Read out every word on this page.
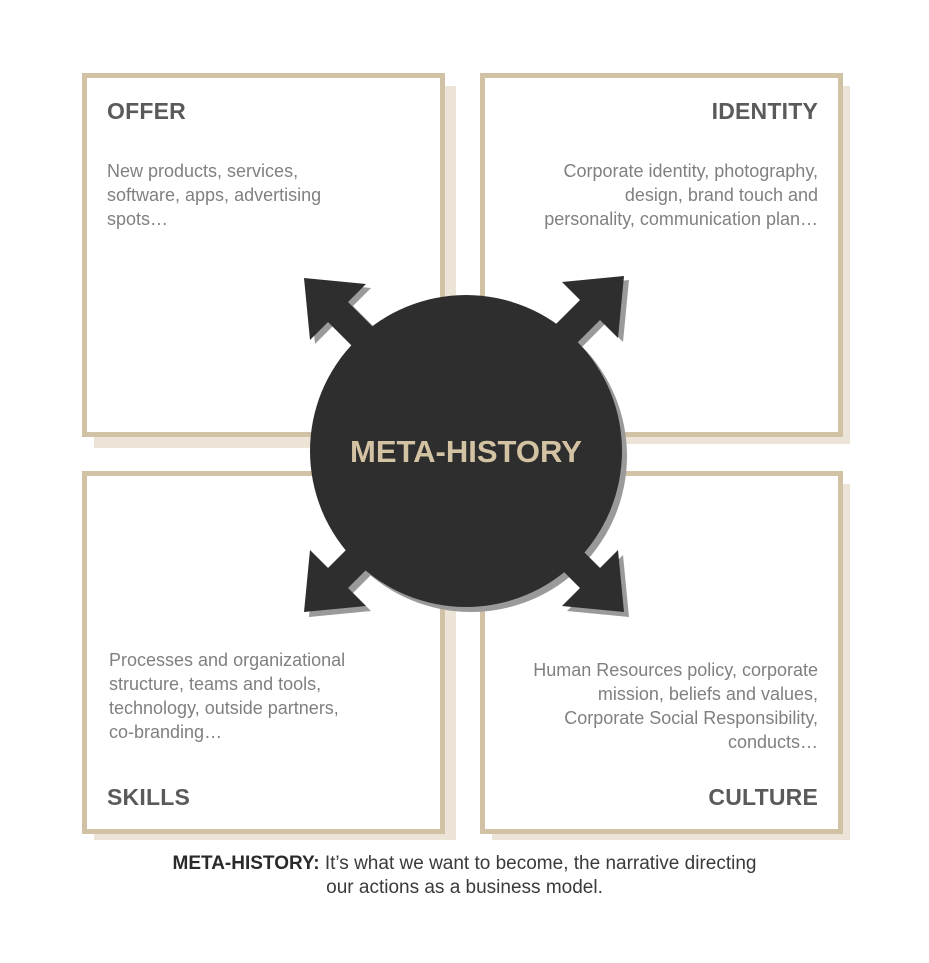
OFFER
New products, services,
software, apps, advertising
spots…
IDENTITY
Corporate identity, photography,
design, brand touch and
personality, communication plan…
Processes and organizational
structure, teams and tools,
technology, outside partners,
co-branding…
SKILLS
Human Resources policy, corporate
mission, beliefs and values,
Corporate Social Responsibility,
conducts…
CULTURE
META-HISTORY
META-HISTORY: It’s what we want to become, the narrative directing
our actions as a business model.
